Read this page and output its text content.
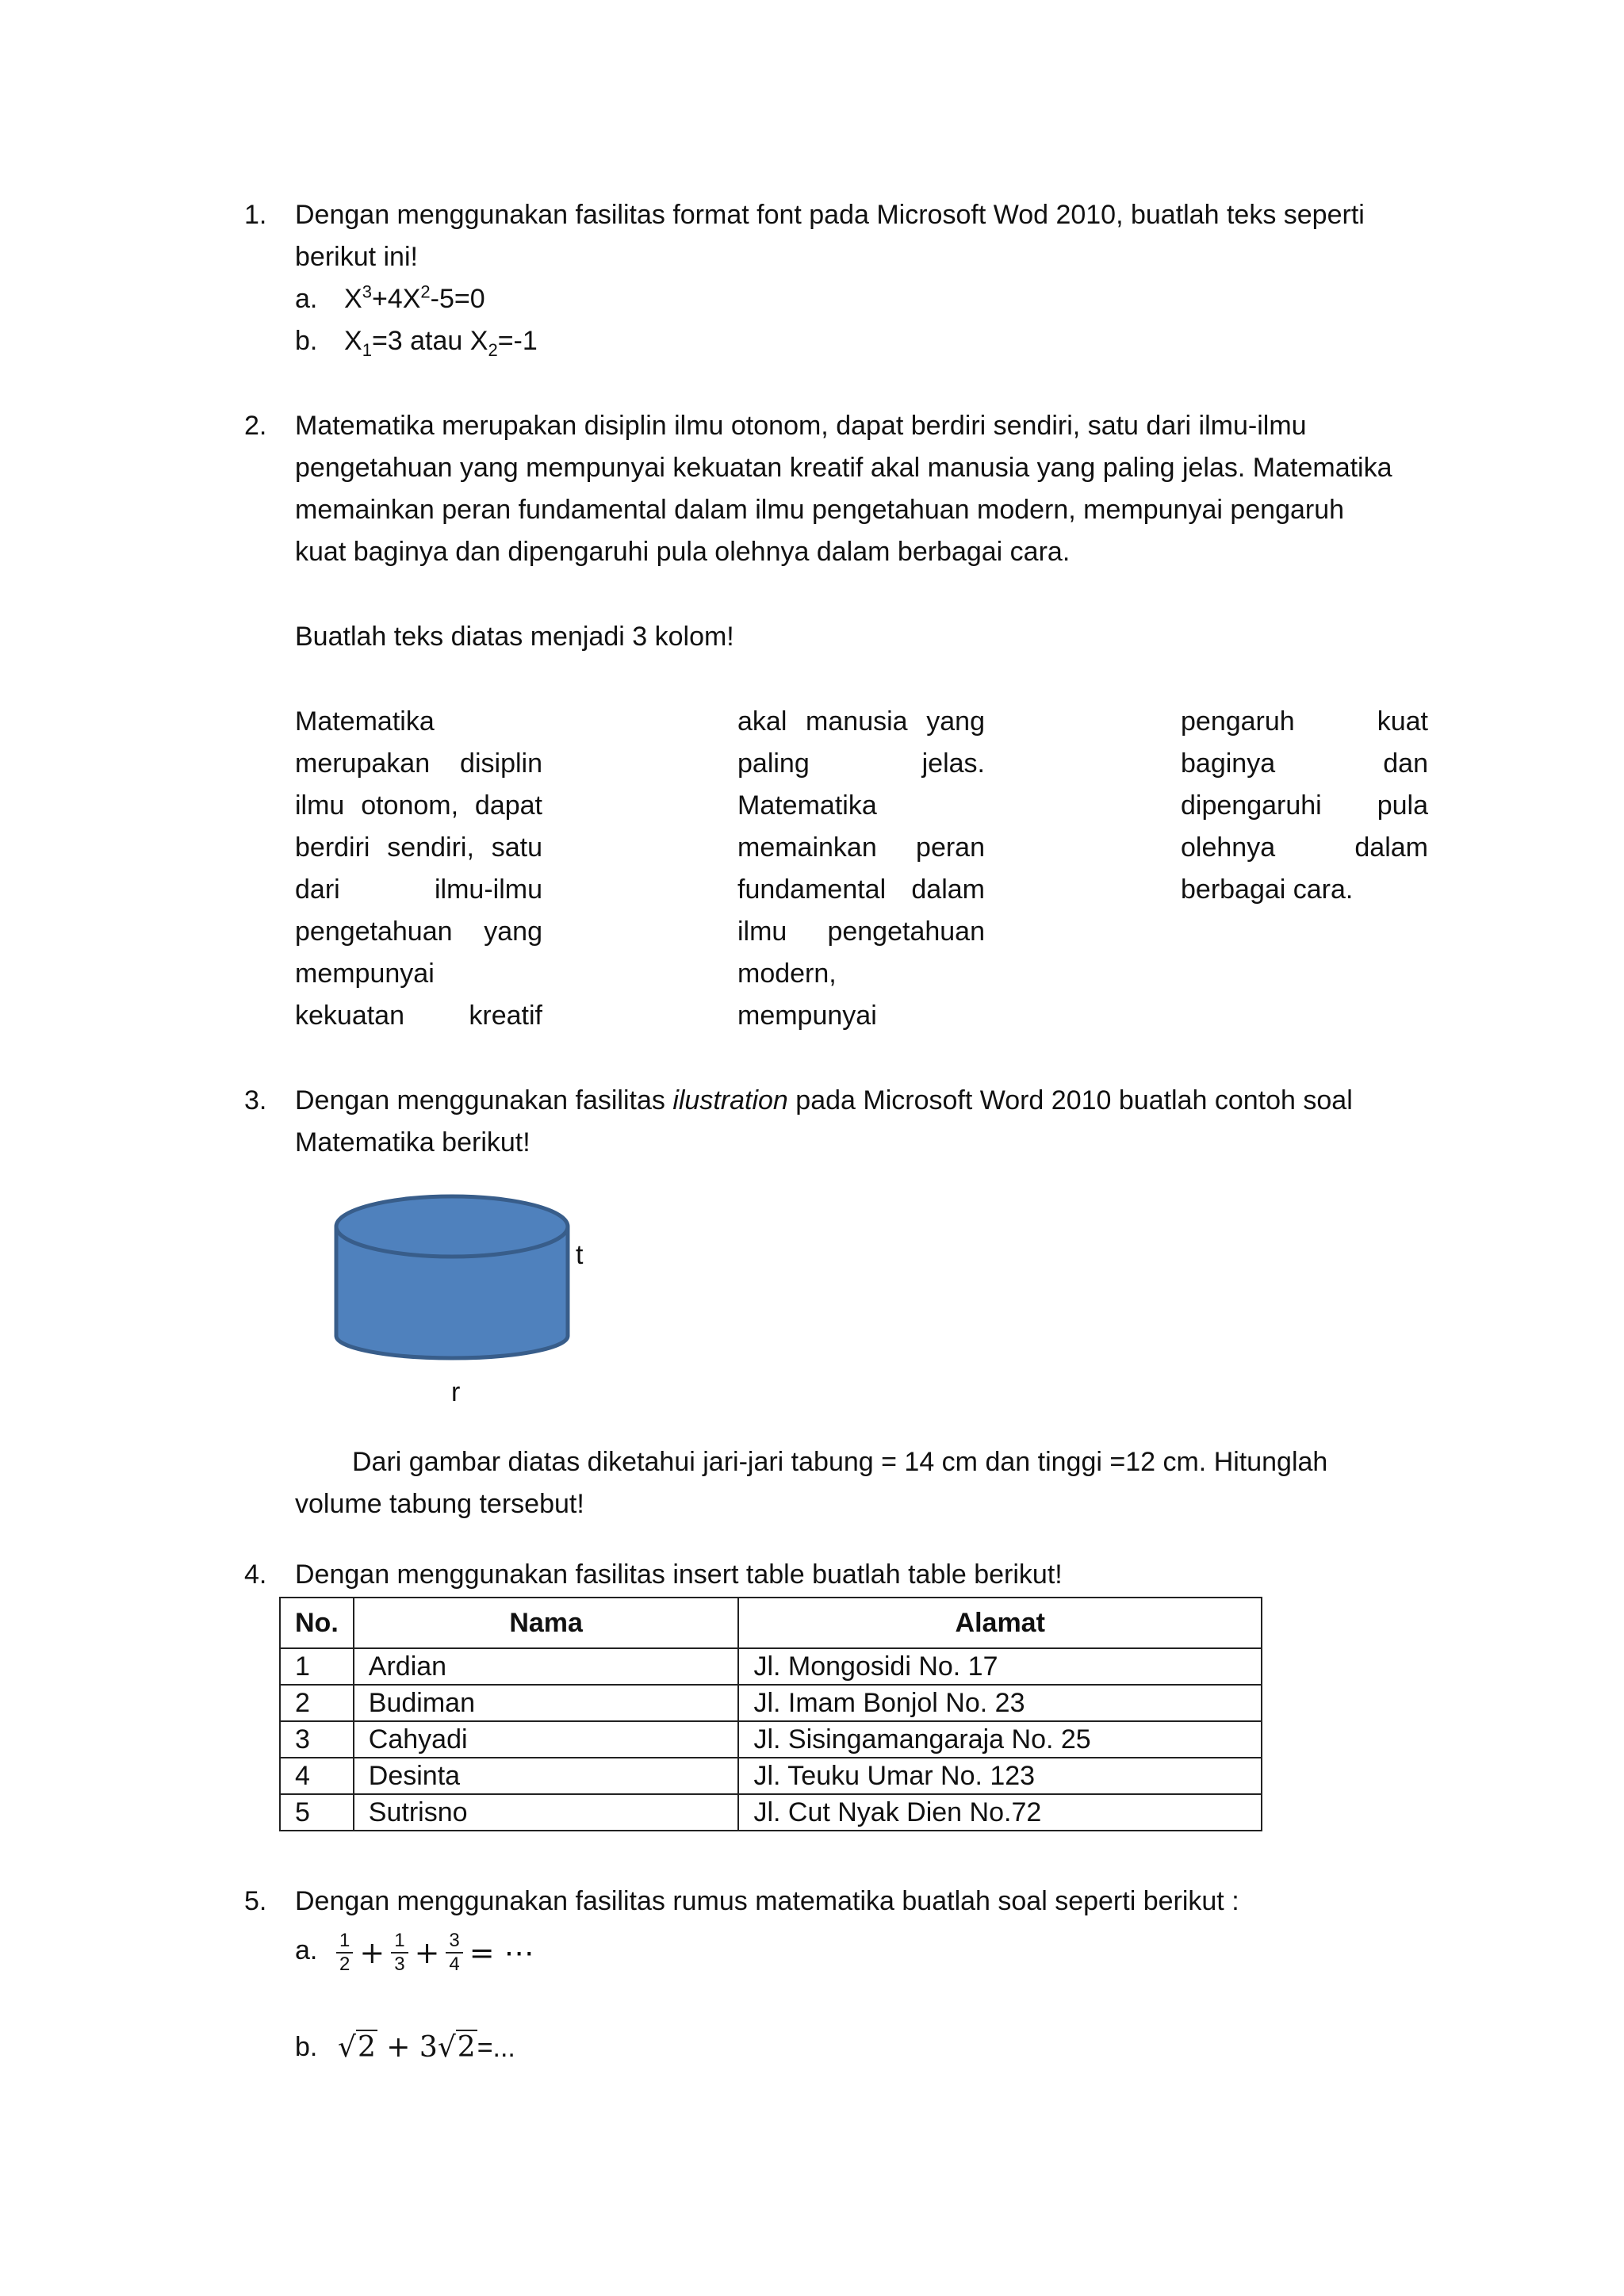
1. Dengan menggunakan fasilitas format font pada Microsoft Wod 2010, buatlah teks seperti
berikut ini!
a. $X^3+4X^2-5=0$
b. $X_1=3$ atau $X_2=-1$
2. Matematika merupakan disiplin ilmu otonom, dapat berdiri sendiri, satu dari ilmu-ilmu
pengetahuan yang mempunyai kekuatan kreatif akal manusia yang paling jelas. Matematika
memainkan peran fundamental dalam ilmu pengetahuan modern, mempunyai pengaruh
kuat baginya dan dipengaruhi pula olehnya dalam berbagai cara.
Buatlah teks diatas menjadi 3 kolom!
Matematika
merupakan disiplin
ilmu otonom, dapat
berdiri sendiri, satu
dari ilmu-ilmu
pengetahuan yang
mempunyai
kekuatan kreatif
akal manusia yang
paling jelas.
Matematika
memainkan peran
fundamental dalam
ilmu pengetahuan
modern,
mempunyai
pengaruh kuat
baginya dan
dipengaruhi pula
olehnya dalam
berbagai cara.
3. Dengan menggunakan fasilitas ilustration pada Microsoft Word 2010 buatlah contoh soal
Matematika berikut!
t
r
Dari gambar diatas diketahui jari-jari tabung = 14 cm dan tinggi =12 cm. Hitunglah
volume tabung tersebut!
4. Dengan menggunakan fasilitas insert table buatlah table berikut!
No.	Nama	Alamat
1	Ardian	Jl. Mongosidi No. 17
2	Budiman	Jl. Imam Bonjol No. 23
3	Cahyadi	Jl. Sisingamangaraja No. 25
4	Desinta	Jl. Teuku Umar No. 123
5	Sutrisno	Jl. Cut Nyak Dien No.72
5. Dengan menggunakan fasilitas rumus matematika buatlah soal seperti berikut :
a. $\frac{1}{2} + \frac{1}{3} + \frac{3}{4}$ = ⋯
b. √2 + 3√2=...
